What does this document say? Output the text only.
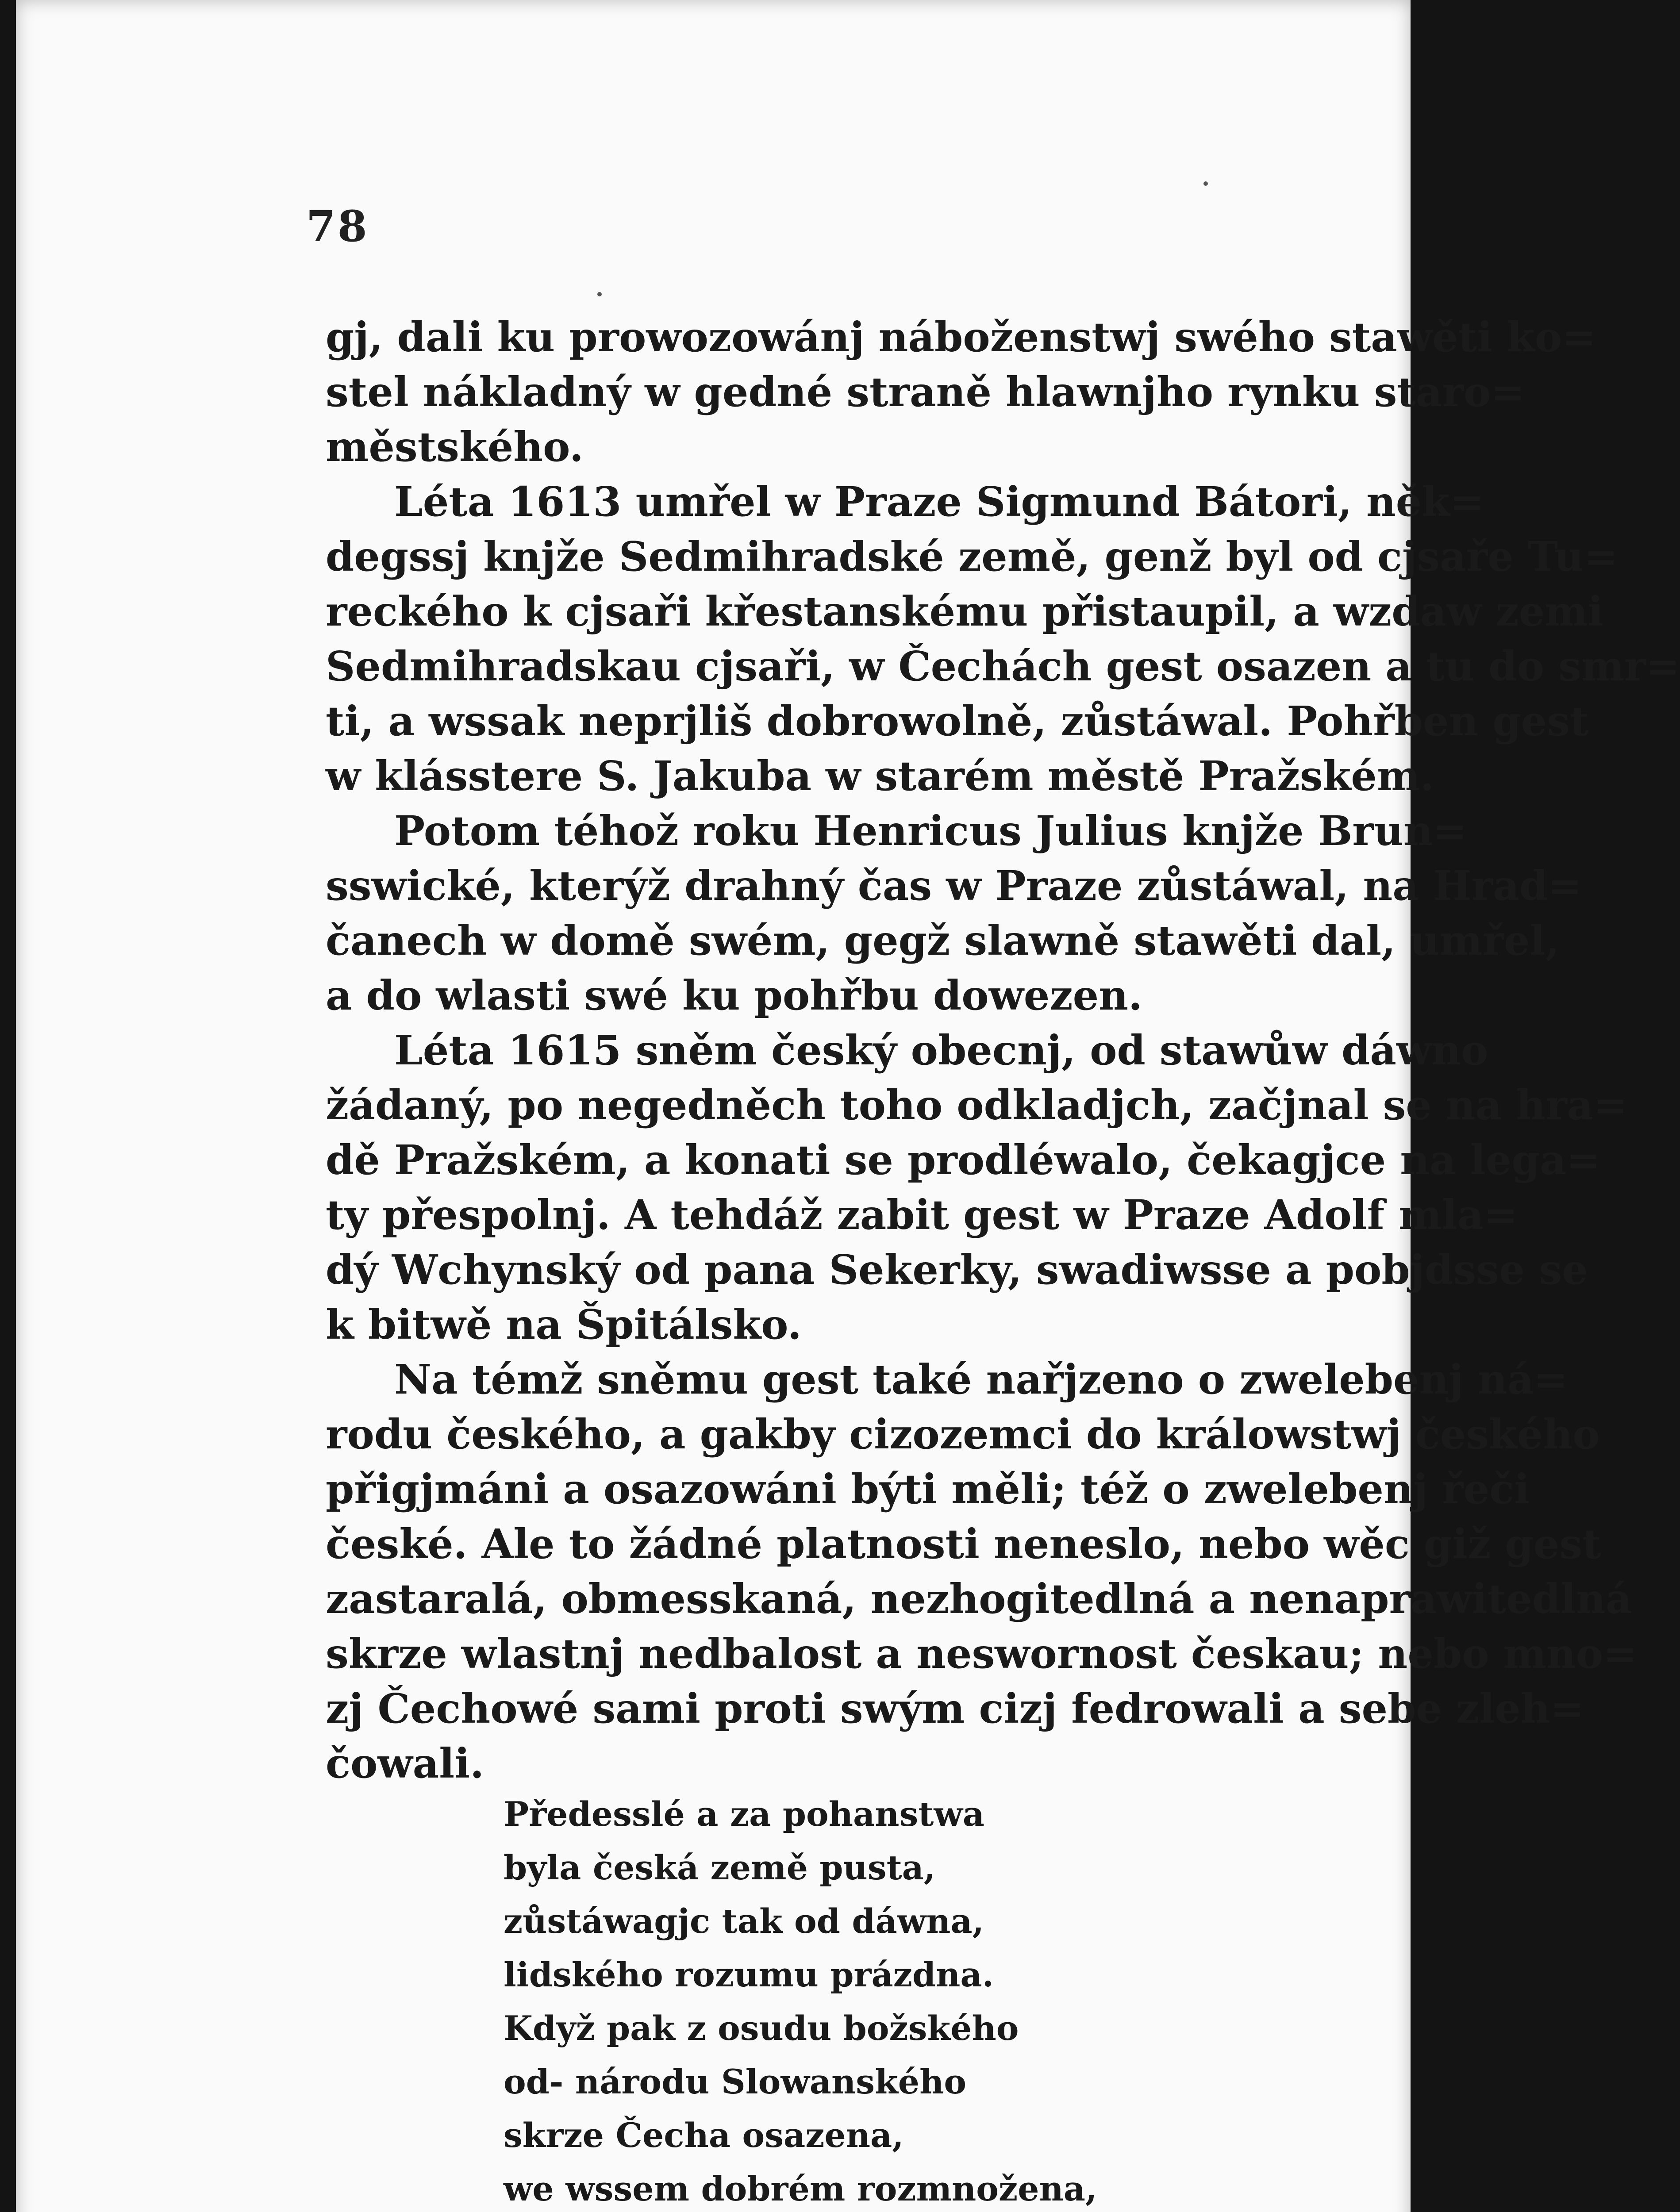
78
gj, dali ku prowozowánj náboženstwj swého stawěti ko=
stel nákladný w gedné straně hlawnjho rynku staro=
městského.
Léta 1613 umřel w Praze Sigmund Bátori, něk=
degssj knjže Sedmihradské země, genž byl od cjsaře Tu=
reckého k cjsaři křestanskému přistaupil, a wzdaw zemi
Sedmihradskau cjsaři, w Čechách gest osazen a tu do smr=
ti, a wssak neprjliš dobrowolně, zůstáwal. Pohřben gest
w klásstere S. Jakuba w starém městě Pražském.
Potom téhož roku Henricus Julius knjže Brun=
sswické, kterýž drahný čas w Praze zůstáwal, na Hrad=
čanech w domě swém, gegž slawně stawěti dal, umřel,
a do wlasti swé ku pohřbu dowezen.
Léta 1615 sněm český obecnj, od stawůw dáwno
žádaný, po negedněch toho odkladjch, začjnal se na hra=
dě Pražském, a konati se prodléwalo, čekagjce na lega=
ty přespolnj. A tehdáž zabit gest w Praze Adolf mla=
dý Wchynský od pana Sekerky, swadiwsse a pobjdsse se
k bitwě na Špitálsko.
Na témž sněmu gest také nařjzeno o zwelebenj ná=
rodu českého, a gakby cizozemci do králowstwj českého
přigjmáni a osazowáni býti měli; též o zwelebenj řeči
české. Ale to žádné platnosti neneslo, nebo wěc giž gest
zastaralá, obmesskaná, nezhogitedlná a nenaprawitedlná
skrze wlastnj nedbalost a neswornost českau; nebo mno=
zj Čechowé sami proti swým cizj fedrowali a sebe zleh=
čowali.
Předesslé a za pohanstwa
byla česká země pusta,
zůstáwagjc tak od dáwna,
lidského rozumu prázdna.
Když pak z osudu božského
od- národu Slowanského
skrze Čecha osazena,
we wssem dobrém rozmnožena,
